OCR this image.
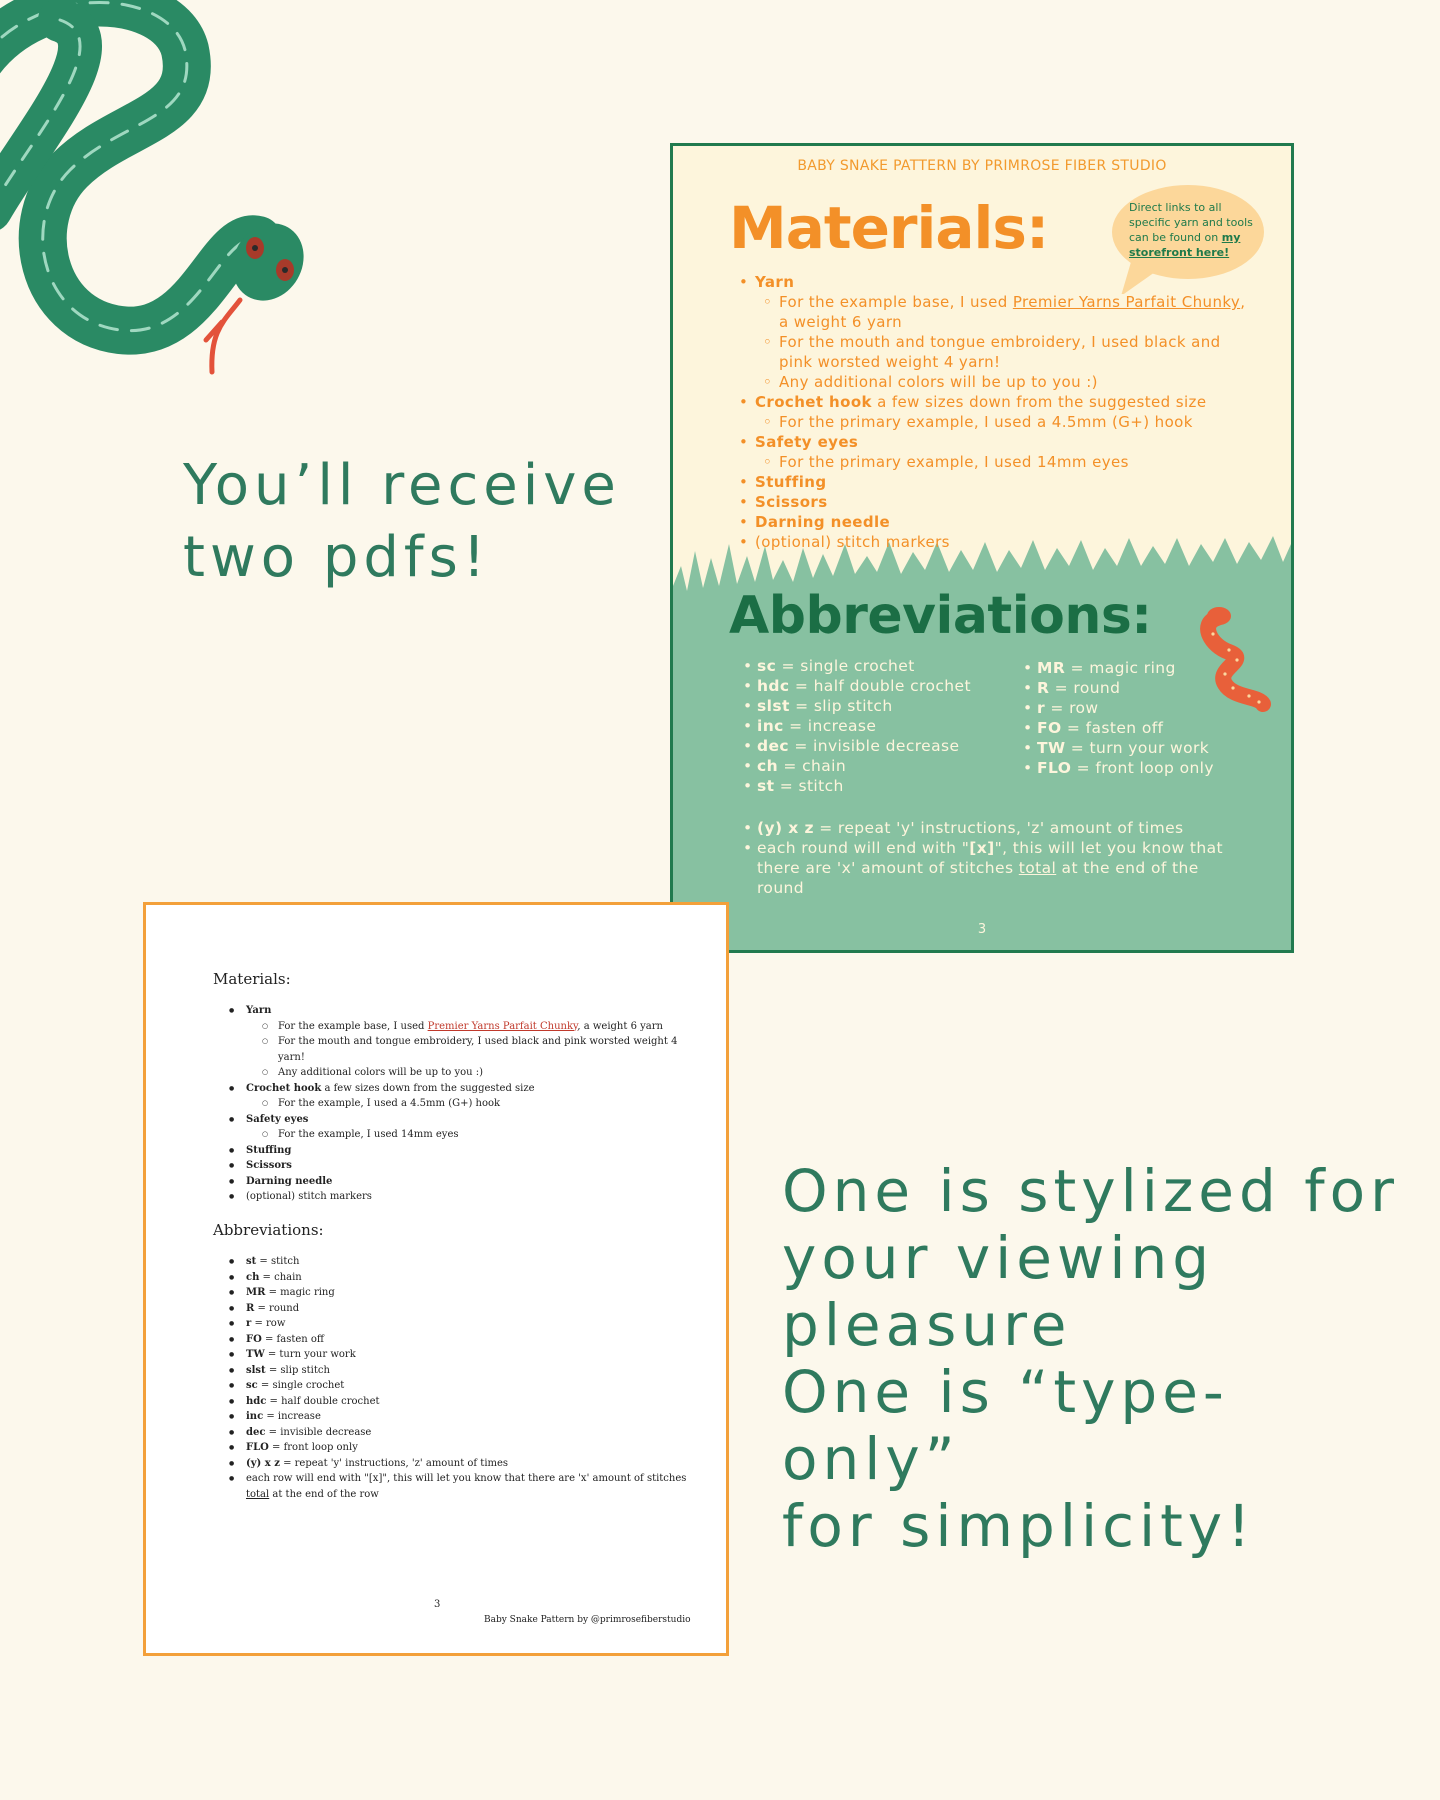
You’ll receive
two pdfs!
BABY SNAKE PATTERN BY PRIMROSE FIBER STUDIO
Materials:	Direct links to all specific yarn and tools can be found on my storefront here!
• Yarn
◦ For the example base, I used Premier Yarns Parfait Chunky, a weight 6 yarn
◦ For the mouth and tongue embroidery, I used black and pink worsted weight 4 yarn!
◦ Any additional colors will be up to you :)
• Crochet hook a few sizes down from the suggested size
◦ For the primary example, I used a 4.5mm (G+) hook
• Safety eyes
◦ For the primary example, I used 14mm eyes
• Stuffing
• Scissors
• Darning needle
• (optional) stitch markers
Abbreviations:
• sc = single crochet
• hdc = half double crochet
• slst = slip stitch
• inc = increase
• dec = invisible decrease
• ch = chain
• st = stitch
• MR = magic ring
• R = round
• r = row
• FO = fasten off
• TW = turn your work
• FLO = front loop only
• (y) x z = repeat 'y' instructions, 'z' amount of times
• each round will end with "[x]", this will let you know that there are 'x' amount of stitches total at the end of the round
3
Materials:
● Yarn
○ For the example base, I used Premier Yarns Parfait Chunky, a weight 6 yarn
○ For the mouth and tongue embroidery, I used black and pink worsted weight 4 yarn!
○ Any additional colors will be up to you :)
● Crochet hook a few sizes down from the suggested size
○ For the example, I used a 4.5mm (G+) hook
● Safety eyes
○ For the example, I used 14mm eyes
● Stuffing
● Scissors
● Darning needle
● (optional) stitch markers
Abbreviations:
● st = stitch
● ch = chain
● MR = magic ring
● R = round
● r = row
● FO = fasten off
● TW = turn your work
● slst = slip stitch
● sc = single crochet
● hdc = half double crochet
● inc = increase
● dec = invisible decrease
● FLO = front loop only
● (y) x z = repeat 'y' instructions, 'z' amount of times
● each row will end with "[x]", this will let you know that there are 'x' amount of stitches total at the end of the row
3
Baby Snake Pattern by @primrosefiberstudio
One is stylized for
your viewing
pleasure
One is “type-only”
for simplicity!
